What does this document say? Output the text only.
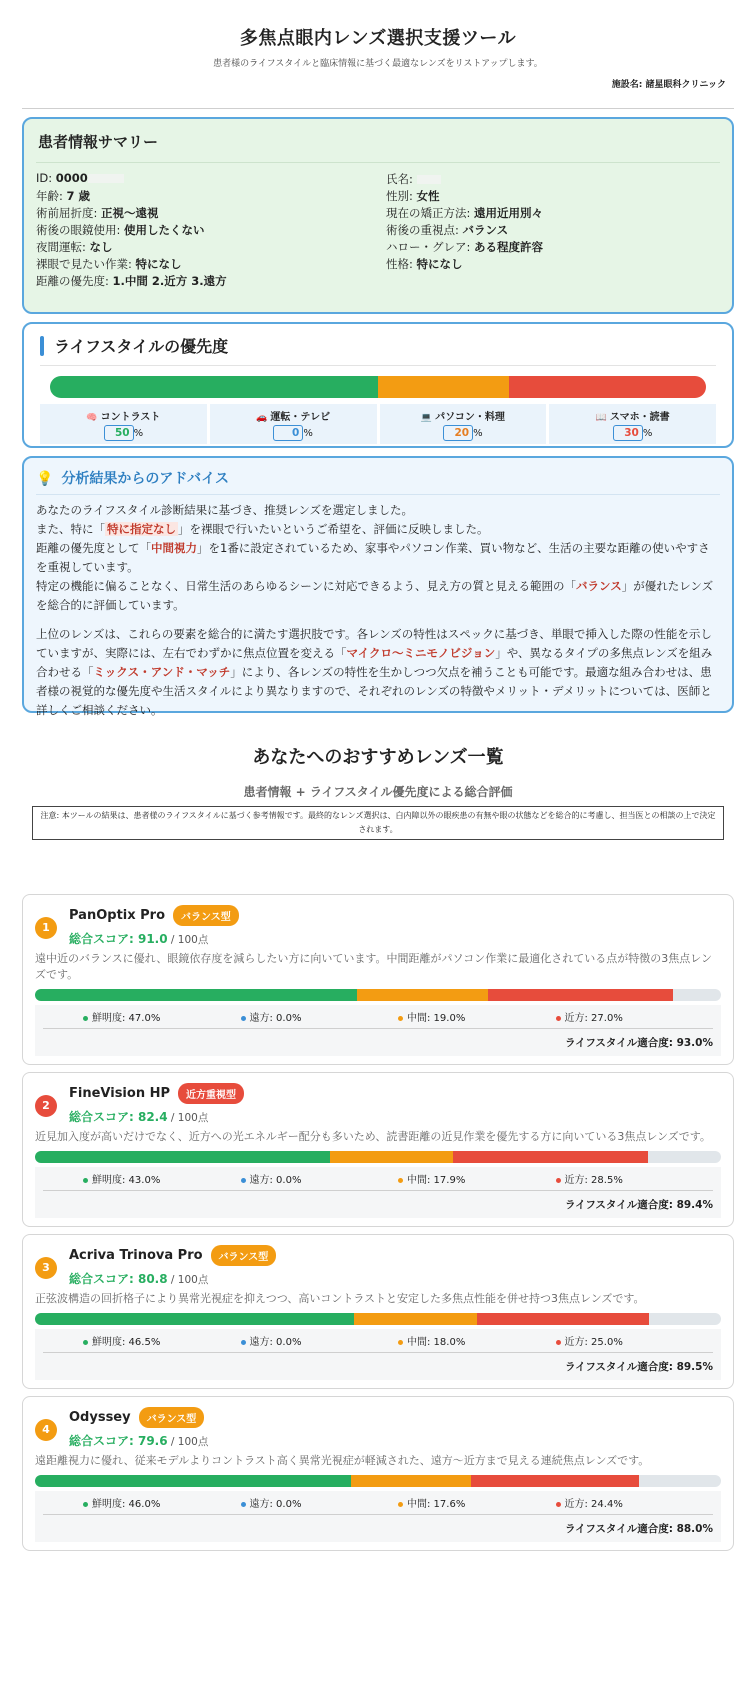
多焦点眼内レンズ選択支援ツール
患者様のライフスタイルと臨床情報に基づく最適なレンズをリストアップします。
施設名: 諸星眼科クリニック
患者情報サマリー
ID: 0000
年齢: 7 歳
術前屈折度: 正視～遠視
術後の眼鏡使用: 使用したくない
夜間運転: なし
裸眼で見たい作業: 特になし
距離の優先度: 1.中間 2.近方 3.遠方
氏名:
性別: 女性
現在の矯正方法: 遠用近用別々
術後の重視点: バランス
ハロー・グレア: ある程度許容
性格: 特になし
ライフスタイルの優先度
🧠 コントラスト
50 %
🚗 運転・テレビ
0 %
💻 パソコン・料理
20 %
📖 スマホ・読書
30 %
💡 分析結果からのアドバイス

あなたのライフスタイル診断結果に基づき、推奨レンズを選定しました。
また、特に「 特に指定なし 」を裸眼で行いたいというご希望を、評価に反映しました。
距離の優先度として「中間視力」を1番に設定されているため、家事やパソコン作業、買い物など、生活の主要な距離の使いやすさを重視しています。
特定の機能に偏ることなく、日常生活のあらゆるシーンに対応できるよう、見え方の質と見える範囲の「バランス」が優れたレンズを総合的に評価しています。

上位のレンズは、これらの要素を総合的に満たす選択肢です。各レンズの特性はスペックに基づき、単眼で挿入した際の性能を示していますが、実際には、左右でわずかに焦点位置を変える「マイクロ～ミニモノビジョン」や、異なるタイプの多焦点レンズを組み合わせる「ミックス・アンド・マッチ」により、各レンズの特性を生かしつつ欠点を補うことも可能です。最適な組み合わせは、患者様の視覚的な優先度や生活スタイルにより異なりますので、それぞれのレンズの特徴やメリット・デメリットについては、医師と詳しくご相談ください。

あなたへのおすすめレンズ一覧
患者情報 + ライフスタイル優先度による総合評価
注意: 本ツールの結果は、患者様のライフスタイルに基づく参考情報です。最終的なレンズ選択は、白内障以外の眼疾患の有無や眼の状態などを総合的に考慮し、担当医との相談の上で決定されます。
1
PanOptix Pro	バランス型
総合スコア: 91.0 / 100点
遠中近のバランスに優れ、眼鏡依存度を減らしたい方に向いています。中間距離がパソコン作業に最適化されている点が特徴の3焦点レンズです。
鮮明度: 47.0%	遠方: 0.0%	中間: 19.0%	近方: 27.0%
ライフスタイル適合度: 93.0%
2
FineVision HP	近方重視型
総合スコア: 82.4 / 100点
近見加入度が高いだけでなく、近方への光エネルギー配分も多いため、読書距離の近見作業を優先する方に向いている3焦点レンズです。
鮮明度: 43.0%	遠方: 0.0%	中間: 17.9%	近方: 28.5%
ライフスタイル適合度: 89.4%
3
Acriva Trinova Pro	バランス型
総合スコア: 80.8 / 100点
正弦波構造の回折格子により異常光視症を抑えつつ、高いコントラストと安定した多焦点性能を併せ持つ3焦点レンズです。
鮮明度: 46.5%	遠方: 0.0%	中間: 18.0%	近方: 25.0%
ライフスタイル適合度: 89.5%
4
Odyssey	バランス型
総合スコア: 79.6 / 100点
遠距離視力に優れ、従来モデルよりコントラスト高く異常光視症が軽減された、遠方～近方まで見える連続焦点レンズです。
鮮明度: 46.0%	遠方: 0.0%	中間: 17.6%	近方: 24.4%
ライフスタイル適合度: 88.0%
